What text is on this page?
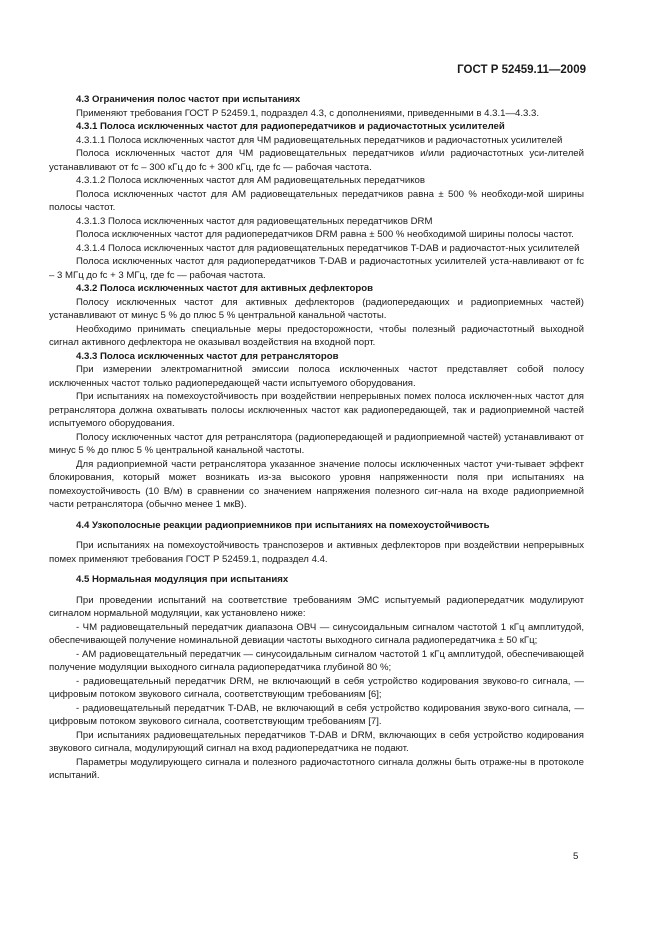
ГОСТ Р 52459.11—2009

4.3 Ограничения полос частот при испытаниях

Применяют требования ГОСТ Р 52459.1, подраздел 4.3, с дополнениями, приведенными в 4.3.1—4.3.3.

4.3.1 Полоса исключенных частот для радиопередатчиков и радиочастотных усилителей

4.3.1.1 Полоса исключенных частот для ЧМ радиовещательных передатчиков и радиочастотных усилителей

Полоса исключенных частот для ЧМ радиовещательных передатчиков и/или радиочастотных уси-лителей устанавливают от fc – 300 кГц до fc + 300 кГц, где fc — рабочая частота.

4.3.1.2 Полоса исключенных частот для АМ радиовещательных передатчиков

Полоса исключенных частот для АМ радиовещательных передатчиков равна ± 500 % необходи-мой ширины полосы частот.

4.3.1.3 Полоса исключенных частот для радиовещательных передатчиков DRM

Полоса исключенных частот для радиопередатчиков DRM равна ± 500 % необходимой ширины полосы частот.

4.3.1.4 Полоса исключенных частот для радиовещательных передатчиков T-DAB и радиочастот-ных усилителей

Полоса исключенных частот для радиопередатчиков T-DAB и радиочастотных усилителей уста-навливают от fc – 3 МГц до fc + 3 МГц, где fc — рабочая частота.

4.3.2 Полоса исключенных частот для активных дефлекторов

Полосу исключенных частот для активных дефлекторов (радиопередающих и радиоприемных частей) устанавливают от минус 5 % до плюс 5 % центральной канальной частоты.

Необходимо принимать специальные меры предосторожности, чтобы полезный радиочастотный выходной сигнал активного дефлектора не оказывал воздействия на входной порт.

4.3.3 Полоса исключенных частот для ретрансляторов

При измерении электромагнитной эмиссии полоса исключенных частот представляет собой полосу исключенных частот только радиопередающей части испытуемого оборудования.

При испытаниях на помехоустойчивость при воздействии непрерывных помех полоса исключен-ных частот для ретранслятора должна охватывать полосы исключенных частот как радиопередающей, так и радиоприемной частей испытуемого оборудования.

Полосу исключенных частот для ретранслятора (радиопередающей и радиоприемной частей) устанавливают от минус 5 % до плюс 5 % центральной канальной частоты.

Для радиоприемной части ретранслятора указанное значение полосы исключенных частот учи-тывает эффект блокирования, который может возникать из-за высокого уровня напряженности поля при испытаниях на помехоустойчивость (10 В/м) в сравнении со значением напряжения полезного сиг-нала на входе радиоприемной части ретранслятора (обычно менее 1 мкВ).

4.4 Узкополосные реакции радиоприемников при испытаниях на помехоустойчивость

При испытаниях на помехоустойчивость транспозеров и активных дефлекторов при воздействии непрерывных помех применяют требования ГОСТ Р 52459.1, подраздел 4.4.

4.5 Нормальная модуляция при испытаниях

При проведении испытаний на соответствие требованиям ЭМС испытуемый радиопередатчик модулируют сигналом нормальной модуляции, как установлено ниже:

- ЧМ радиовещательный передатчик диапазона ОВЧ — синусоидальным сигналом частотой 1 кГц амплитудой, обеспечивающей получение номинальной девиации частоты выходного сигнала радиопередатчика ± 50 кГц;

- АМ радиовещательный передатчик — синусоидальным сигналом частотой 1 кГц амплитудой, обеспечивающей получение модуляции выходного сигнала радиопередатчика глубиной 80 %;

- радиовещательный передатчик DRM, не включающий в себя устройство кодирования звуково-го сигнала, — цифровым потоком звукового сигнала, соответствующим требованиям [6];

- радиовещательный передатчик T-DAB, не включающий в себя устройство кодирования звуко-вого сигнала, — цифровым потоком звукового сигнала, соответствующим требованиям [7].

При испытаниях радиовещательных передатчиков T-DAB и DRM, включающих в себя устройство кодирования звукового сигнала, модулирующий сигнал на вход радиопередатчика не подают.

Параметры модулирующего сигнала и полезного радиочастотного сигнала должны быть отраже-ны в протоколе испытаний.

5
